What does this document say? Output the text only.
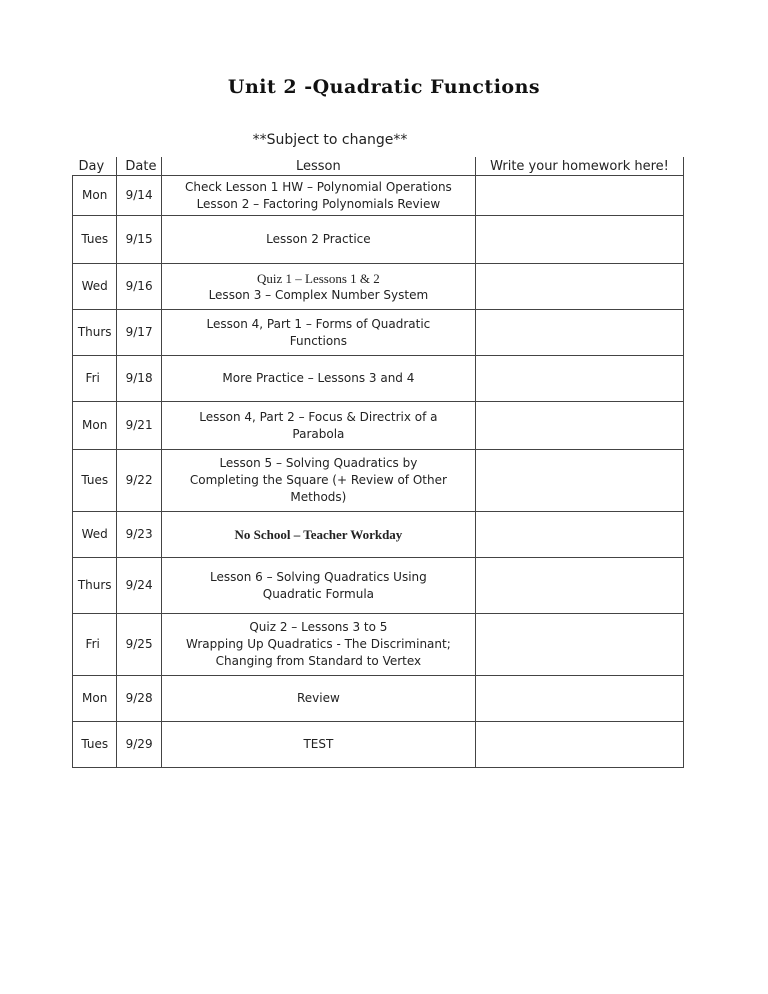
Unit 2 -Quadratic Functions
**Subject to change**
Day	Date	Lesson	Write your homework here!
Mon	9/14	Check Lesson 1 HW – Polynomial Operations
Lesson 2 – Factoring Polynomials Review	

Tues	9/15	Lesson 2 Practice	

Wed	9/16	Quiz 1 – Lessons 1 & 2
Lesson 3 – Complex Number System	

Thurs	9/17	Lesson 4, Part 1 – Forms of Quadratic
Functions	

Fri	9/18	More Practice – Lessons 3 and 4	

Mon	9/21	Lesson 4, Part 2 – Focus & Directrix of a
Parabola	

Tues	9/22	Lesson 5 – Solving Quadratics by
Completing the Square (+ Review of Other
Methods)	

Wed	9/23	No School – Teacher Workday	

Thurs	9/24	Lesson 6 – Solving Quadratics Using
Quadratic Formula	

Fri	9/25	Quiz 2 – Lessons 3 to 5
Wrapping Up Quadratics - The Discriminant;
Changing from Standard to Vertex	

Mon	9/28	Review	

Tues	9/29	TEST	
